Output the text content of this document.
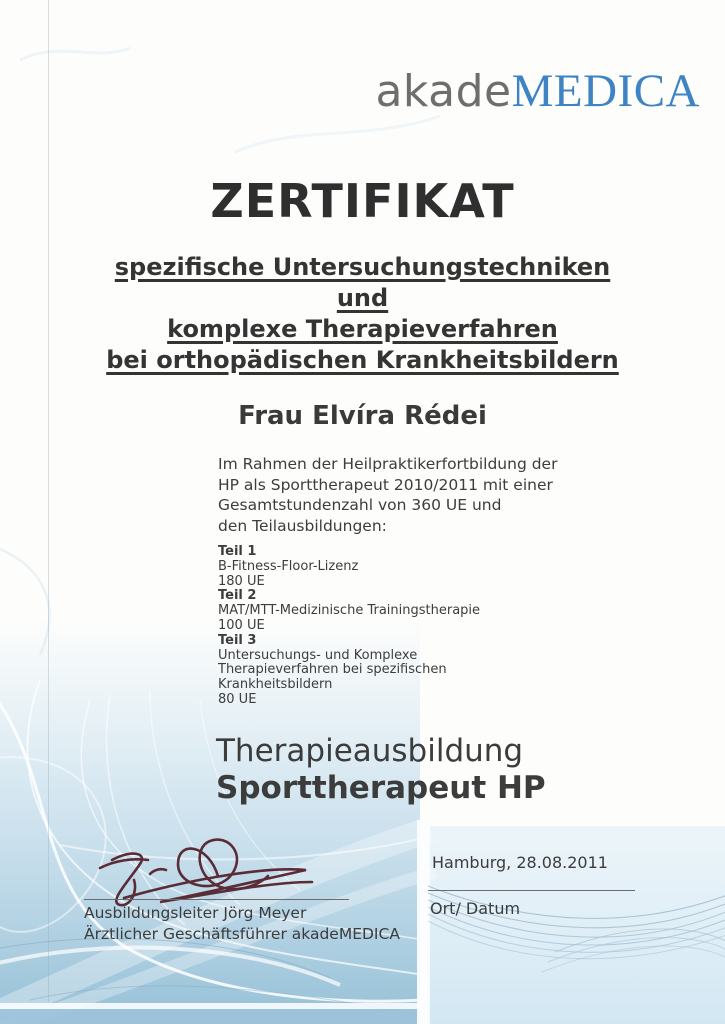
akade MEDICA
ZERTIFIKAT
spezifische Untersuchungstechniken
und
komplexe Therapieverfahren
bei orthopädischen Krankheitsbildern
Frau Elvíra Rédei
Im Rahmen der Heilpraktikerfortbildung der
HP als Sporttherapeut 2010/2011 mit einer
Gesamtstundenzahl von 360 UE und
den Teilausbildungen:
Teil 1
B-Fitness-Floor-Lizenz
180 UE
Teil 2
MAT/MTT-Medizinische Trainingstherapie
100 UE
Teil 3
Untersuchungs- und Komplexe
Therapieverfahren bei spezifischen Krankheitsbildern
80 UE
Therapieausbildung
Sporttherapeut HP
Ausbildungsleiter Jörg Meyer
Ärztlicher Geschäftsführer akadeMEDICA
Hamburg, 28.08.2011
Ort/ Datum
